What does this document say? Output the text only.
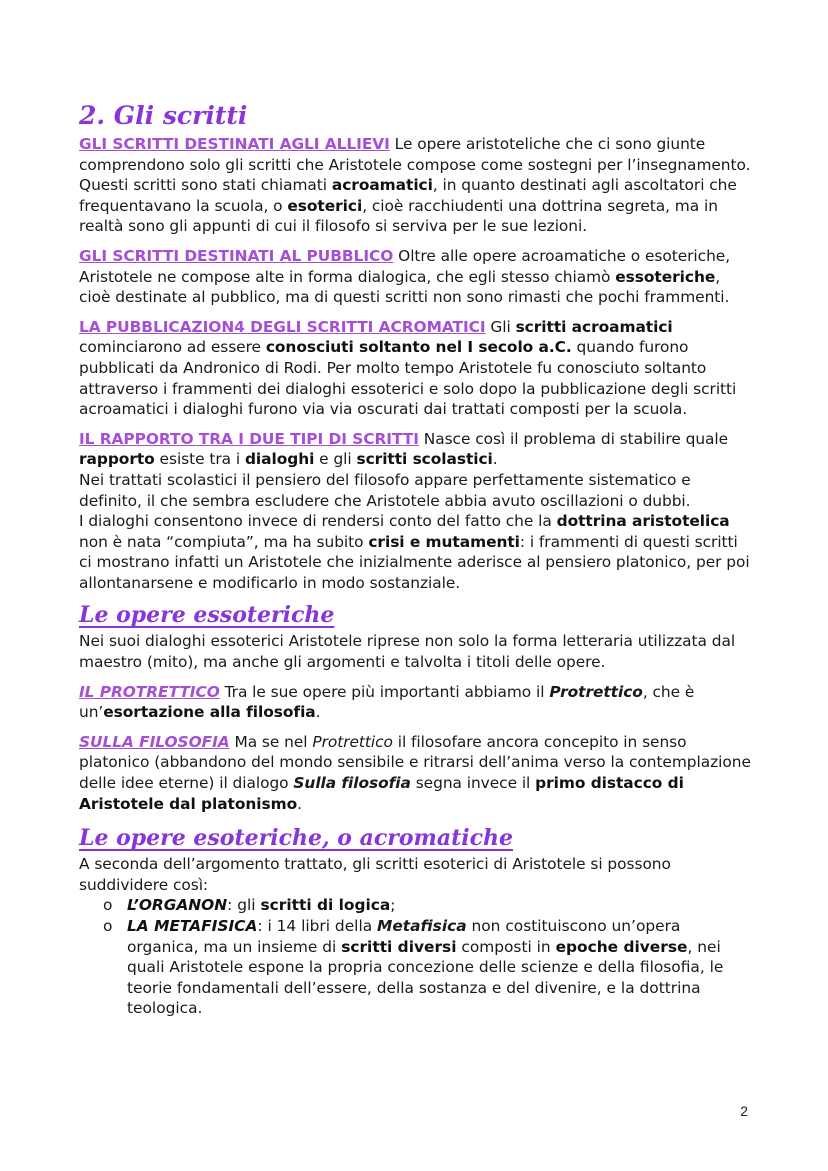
2. Gli scritti

GLI SCRITTI DESTINATI AGLI ALLIEVI Le opere aristoteliche che ci sono giunte comprendono solo gli scritti che Aristotele compose come sostegni per l’insegnamento. Questi scritti sono stati chiamati acroamatici, in quanto destinati agli ascoltatori che frequentavano la scuola, o esoterici, cioè racchiudenti una dottrina segreta, ma in realtà sono gli appunti di cui il filosofo si serviva per le sue lezioni.

GLI SCRITTI DESTINATI AL PUBBLICO Oltre alle opere acroamatiche o esoteriche, Aristotele ne compose alte in forma dialogica, che egli stesso chiamò essoteriche, cioè destinate al pubblico, ma di questi scritti non sono rimasti che pochi frammenti.

LA PUBBLICAZION4 DEGLI SCRITTI ACROMATICI Gli scritti acroamatici cominciarono ad essere conosciuti soltanto nel I secolo a.C. quando furono pubblicati da Andronico di Rodi. Per molto tempo Aristotele fu conosciuto soltanto attraverso i frammenti dei dialoghi essoterici e solo dopo la pubblicazione degli scritti acroamatici i dialoghi furono via via oscurati dai trattati composti per la scuola.

IL RAPPORTO TRA I DUE TIPI DI SCRITTI Nasce così il problema di stabilire quale rapporto esiste tra i dialoghi e gli scritti scolastici.

Nei trattati scolastici il pensiero del filosofo appare perfettamente sistematico e definito, il che sembra escludere che Aristotele abbia avuto oscillazioni o dubbi.

I dialoghi consentono invece di rendersi conto del fatto che la dottrina aristotelica non è nata “compiuta”, ma ha subito crisi e mutamenti: i frammenti di questi scritti ci mostrano infatti un Aristotele che inizialmente aderisce al pensiero platonico, per poi allontanarsene e modificarlo in modo sostanziale.

Le opere essoteriche

Nei suoi dialoghi essoterici Aristotele riprese non solo la forma letteraria utilizzata dal maestro (mito), ma anche gli argomenti e talvolta i titoli delle opere.

IL PROTRETTICO Tra le sue opere più importanti abbiamo il Protrettico, che è un’esortazione alla filosofia.

SULLA FILOSOFIA Ma se nel Protrettico il filosofare ancora concepito in senso platonico (abbandono del mondo sensibile e ritrarsi dell’anima verso la contemplazione delle idee eterne) il dialogo Sulla filosofia segna invece il primo distacco di Aristotele dal platonismo.

Le opere esoteriche, o acromatiche

A seconda dell’argomento trattato, gli scritti esoterici di Aristotele si possono suddividere così:

o L’ORGANON: gli scritti di logica;
o LA METAFISICA: i 14 libri della Metafisica non costituiscono un’opera organica, ma un insieme di scritti diversi composti in epoche diverse, nei quali Aristotele espone la propria concezione delle scienze e della filosofia, le teorie fondamentali dell’essere, della sostanza e del divenire, e la dottrina teologica.
2
